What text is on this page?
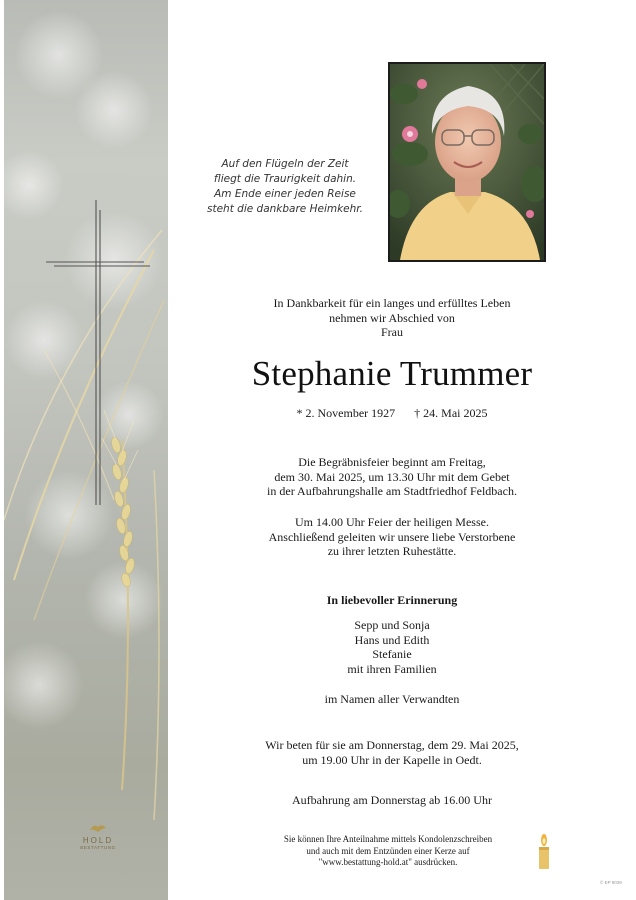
HOLD
BESTATTUNG
Auf den Flügeln der Zeit
fliegt die Traurigkeit dahin.
Am Ende einer jeden Reise
steht die dankbare Heimkehr.
In Dankbarkeit für ein langes und erfülltes Leben
nehmen wir Abschied von
Frau
Stephanie Trummer
* 2. November 1927 † 24. Mai 2025
Die Begräbnisfeier beginnt am Freitag,
dem 30. Mai 2025, um 13.30 Uhr mit dem Gebet
in der Aufbahrungshalle am Stadtfriedhof Feldbach.
Um 14.00 Uhr Feier der heiligen Messe.
Anschließend geleiten wir unsere liebe Verstorbene
zu ihrer letzten Ruhestätte.
In liebevoller Erinnerung
Sepp und Sonja
Hans und Edith
Stefanie
mit ihren Familien
im Namen aller Verwandten
Wir beten für sie am Donnerstag, dem 29. Mai 2025,
um 19.00 Uhr in der Kapelle in Oedt.
Aufbahrung am Donnerstag ab 16.00 Uhr
Sie können Ihre Anteilnahme mittels Kondolenzschreiben
und auch mit dem Entzünden einer Kerze auf
"www.bestattung-hold.at" ausdrücken.
© EP 9039
